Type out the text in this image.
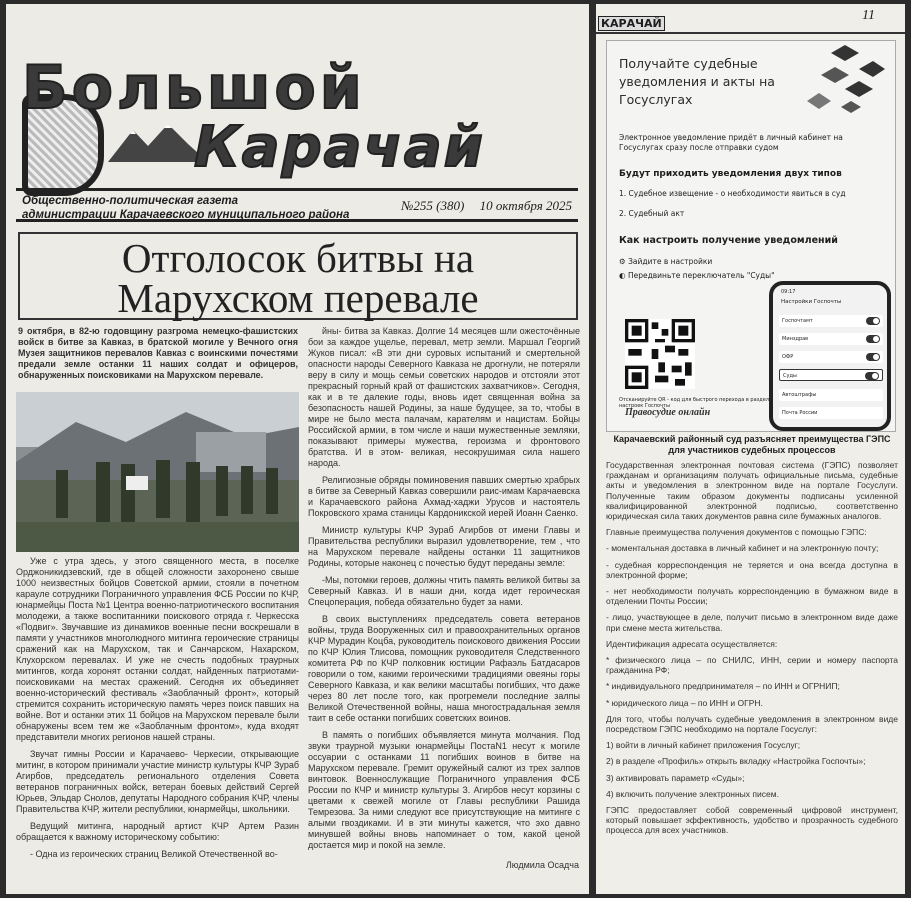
Большой
Карачай
Общественно-политическая газета
администрации Карачаевского муниципального района
№255 (380) 10 октября 2025
Отголосок битвы на
Марухском перевале
9 октября, в 82-ю годовщину разгрома немецко-фашистских войск в битве за Кавказ, в братской могиле у Вечного огня Музея защитников перевалов Кавказ с воинскими почестями предали земле останки 11 наших солдат и офицеров, обнаруженных поисковиками на Марухском перевале.

Уже с утра здесь, у этого священного места, в поселке Орджоникидзевский, где в общей сложности захоронено свыше 1000 неизвестных бойцов Советской армии, стояли в почетном карауле сотрудники Пограничного управления ФСБ России по КЧР, юнармейцы Поста №1 Центра военно-патриотического воспитания молодежи, а также воспитанники поискового отряда г. Черкесска «Подвиг». Звучавшие из динамиков военные песни воскрешали в памяти у участников многолюдного митинга героические страницы сражений как на Марухском, так и Санчарском, Нахарском, Клухорском перевалах. И уже не счесть подобных траурных митингов, когда хоронят останки солдат, найденных патриотами- поисковиками на местах сражений. Сегодня их объединяет военно-исторический фестиваль «Заоблачный фронт», который стремится сохранить историческую память через поиск павших на войне. Вот и останки этих 11 бойцов на Марухском перевале были обнаружены всем тем же «Заоблачным фронтом», куда входят представители многих регионов нашей страны.

Звучат гимны России и Карачаево- Черкесии, открывающие митинг, в котором принимали участие министр культуры КЧР Зураб Агирбов, председатель регионального отделения Совета ветеранов пограничных войск, ветеран боевых действий Сергей Юрьев, Эльдар Снолов, депутаты Народного собрания КЧР, члены Правительства КЧР, жители республики, юнармейцы, школьники.

Ведущий митинга, народный артист КЧР Артем Разин обращается к важному историческому событию:

- Одна из героических страниц Великой Отечественной во-

йны- битва за Кавказ. Долгие 14 месяцев шли ожесточённые бои за каждое ущелье, перевал, метр земли. Маршал Георгий Жуков писал: «В эти дни суровых испытаний и смертельной опасности народы Северного Кавказа не дрогнули, не потеряли веру в силу и мощь семьи советских народов и отстояли этот прекрасный горный край от фашистских захватчиков». Сегодня, как и в те далекие годы, вновь идет священная война за безопасность нашей Родины, за наше будущее, за то, чтобы в мире не было места палачам, карателям и нацистам. Бойцы Российской армии, в том числе и наши мужественные земляки, показывают примеры мужества, героизма и фронтового братства. И в этом- великая, несокрушимая сила нашего народа.

Религиозные обряды поминовения павших смертью храбрых в битве за Северный Кавказ совершили раис-имам Карачаевска и Карачаевского района Ахмад-хаджи Урусов и настоятель Покровского храма станицы Кардоникской иерей Иоанн Саенко.

Министр культуры КЧР Зураб Агирбов от имени Главы и Правительства республики выразил удовлетворение, тем , что на Марухском перевале найдены останки 11 защитников Родины, которые наконец с почестью будут переданы земле:

-Мы, потомки героев, должны чтить память великой битвы за Северный Кавказ. И в наши дни, когда идет героическая Спецоперация, победа обязательно будет за нами.

В своих выступлениях председатель совета ветеранов войны, труда Вооруженных сил и правоохранительных органов КЧР Мурадин Коцба, руководитель поискового движения России по КЧР Юлия Тлисова, помощник руководителя Следственного комитета РФ по КЧР полковник юстиции Рафаэль Батдасаров говорили о том, какими героическими традициями овеяны горы Северного Кавказа, и как велики масштабы погибших, что даже через 80 лет после того, как прогремели последние залпы Великой Отечественной войны, наша многострадальная земля таит в себе останки погибших советских воинов.

В память о погибших объявляется минута молчания. Под звуки траурной музыки юнармейцы ПостаN1 несут к могиле оссуарии с останками 11 погибших воинов в битве на Марухском перевале. Гремит оружейный салют из трех залпов винтовок. Военнослужащие Пограничного управления ФСБ России по КЧР и министр культуры З. Агирбов несут корзины с цветами к свежей могиле от Главы республики Рашида Темрезова. За ними следуют все присутствующие на митинге с алыми гвоздиками. И в эти минуты кажется, что эхо давно минувшей войны вновь напоминает о том, какой ценой достается мир и покой на земле.

Людмила Осадча
КАРАЧАЙ
11
Получайте судебные уведомления и акты на Госуслугах
Электронное уведомление придёт в личный кабинет на Госуслугах сразу после отправки судом
Будут приходить уведомления двух типов
1. Судебное извещение - о необходимости явиться в суд
2. Судебный акт
Как настроить получение уведомлений
⚙ Зайдите в настройки
◐ Передвиньте переключатель "Суды"
Отсканируйте QR - код для быстрого перехода в раздел настроек Госпочты
Правосудие онлайн
09:17
Настройки Госпочты
Госпочтамт
Минздрав
ОФР
Суды
Автоштрафы
Почта России
Карачаевский районный суд разъясняет преимущества ГЭПС для участников судебных процессов

Государственная электронная почтовая система (ГЭПС) позволяет гражданам и организациям получать официальные письма, судебные акты и уведомления в электронном виде на портале Госуслуги. Полученные таким образом документы подписаны усиленной квалифицированной электронной подписью, соответственно юридическая сила таких документов равна силе бумажных аналогов.

Главные преимущества получения документов с помощью ГЭПС:

- моментальная доставка в личный кабинет и на электронную почту;

- судебная корреспонденция не теряется и она всегда доступна в электронной форме;

- нет необходимости получать корреспонденцию в бумажном виде в отделении Почты России;

- лицо, участвующее в деле, получит письмо в электронном виде даже при смене места жительства.

Идентификация адресата осуществляется:

* физического лица – по СНИЛС, ИНН, серии и номеру паспорта гражданина РФ;

* индивидуального предпринимателя – по ИНН и ОГРНИП;

* юридического лица – по ИНН и ОГРН.

Для того, чтобы получать судебные уведомления в электронном виде посредством ГЭПС необходимо на портале Госуслуг:

1) войти в личный кабинет приложения Госуслуг;

2) в разделе «Профиль» открыть вкладку «Настройка Госпочты»;

3) активировать параметр «Суды»;

4) включить получение электронных писем.

ГЭПС предоставляет собой современный цифровой инструмент, который повышает эффективность, удобство и прозрачность судебного процесса для всех участников.
